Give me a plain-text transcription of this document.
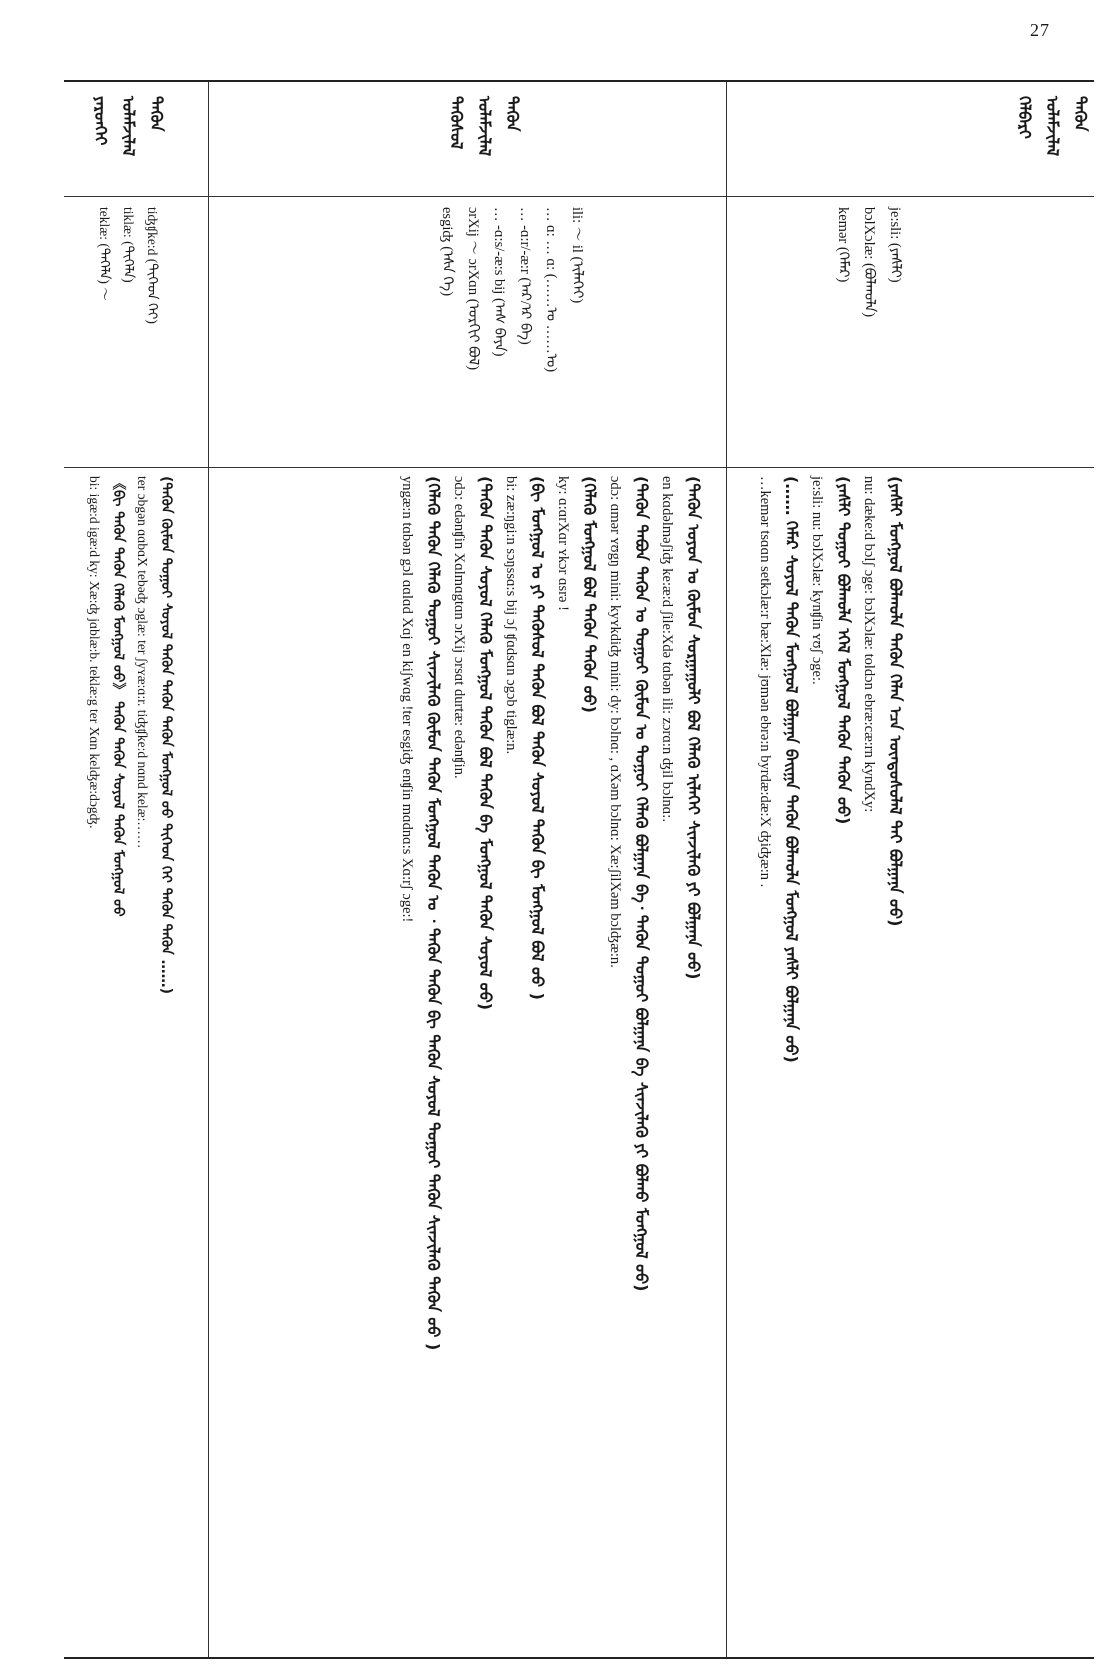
27
ᠲᠡᠭᠦᠨ
ᠤᠯᠠᠮᠵᠢᠯᠠᠯ
ᠬᠡᠯᠪᠡᠷᠢ
je:sli: (ᠶᠡᠰᠯᠢ)
bɔlXɔlæ: (ᠪᠣᠯᠬᠤᠯᠠ)
kemər (ᠬᠡᠮᠡᠷ)
(ᠶᠡᠰᠯᠢ ᠮᠣᠩᠭᠣᠯ ᠪᠣᠯᠬᠤᠯᠠ ᠲᠡᠭᠦᠨ ᠬᠡᠯᠡᠨ ᠡᠴᠡ ᠦᠨᠳᠦᠰᠦᠯᠡᠯ ᠲᠡᠢ ᠪᠣᠯᠭᠠᠨᠠ ᠤᠤ)
nu: dæke:d bɔlʃ ɔge: bɔlXɔlæ: toldɔn ebræ:cæ:rn kyndXy:
(ᠶᠡᠰᠯᠢ ᠳᠤᠭᠤᠶ ᠪᠣᠯᠬᠤᠯᠠ ᠡᠭᠡᠯ ᠮᠣᠩᠭᠣᠯ ᠲᠡᠭᠦᠨ ᠲᠡᠭᠦᠨ ᠤᠤ)
je:sli: nu: bɔlXɔlæ: kynʧin ʏʊʃ ɔge:.
(…… ᠬᠡᠮᠡᠷ ᠰᠣᠶᠣᠯ ᠲᠡᠭᠦᠨ ᠮᠣᠩᠭᠣᠯ ᠪᠣᠯᠭᠠᠨᠠ ᠪᠠᠢᠭᠠ ᠲᠡᠭᠦᠨ ᠪᠣᠯᠬᠤᠯᠠ ᠮᠣᠩᠭᠣᠯ ᠶᠡᠰᠯᠢ ᠪᠣᠯᠭᠠᠨᠠ ᠤᠤ)
…kemər tsɑɑn setkɔlæ:r bæ:Xlæ: jʊmən ebrə:n byrdæ:dæ:X ʤiʤæ:n .
ᠲᠡᠭᠦᠨ
ᠤᠯᠠᠮᠵᠢᠯᠠᠯ
ᠲᠡᠭᠦᠰᠦᠯ
ili: ～ il (ᠢᠯᠡᠬᠡᠢ)
… ɑ: … ɑ: (……ᠤ ……ᠤ)
… -ɑ:r/-æ:r (ᠠᠷ/ᠡᠷ ᠪᠠ)
… -ɑ:s/-æ:s bij (ᠠᠰ ᠪᠡᠶᠡ)
ɔrXij ～ ɔrXɑn (ᠣᠷᠬᠢᠢ ᠪᠣᠯ)
esgiʤ (ᠡᠰᠡ ᠬᠡ)
(ᠲᠡᠭᠦᠨ ᠣᠶᠤᠨ ᠤ ᠬᠦᠮᠦᠨ ᠰᠤᠷᠭᠠᠭᠤᠯᠢ ᠪᠣᠯ ᠬᠡᠯᠡᠬᠦ ᠢᠯᠡᠬᠡᠢ ᠰᠢᠨᠵᠢᠯᠡᠬᠦ ᠶᠢ ᠪᠣᠯᠭᠠᠨᠠ ᠤᠤ)
en kɑdəlməʃiʤ ke:æ:d ʃile:Xdə tɑbən ili: zɔrɑ:n ʤil bɔlnɑ:.
(ᠲᠡᠭᠦᠨ ᠲᠠᠪᠤᠨ ᠲᠡᠭᠦᠨ ᠤ ᠳᠤᠭᠤᠶ ᠬᠦᠮᠦᠨ ᠤ ᠳᠤᠭᠤᠶ ᠬᠡᠯᠡᠬᠦ ᠪᠣᠯᠭᠠᠨᠠ ᠪᠠ᠂ ᠲᠡᠭᠦᠨ ᠳᠤᠭᠤᠶ ᠪᠣᠯᠭᠠᠨᠠ ᠪᠠ ᠰᠢᠨᠵᠢᠯᠡᠬᠦ ᠶᠢ ᠪᠣᠯᠬᠤ ᠮᠣᠩᠭᠣᠯ ᠤᠤ)
ɔdɔ: ɑmər ʏʊgŋ mini: kyʏkdiʤ mini: dy: bɔlnɑ: , ɑXəm bɔlnɑ: Xæ:ʃilXəm bɔlʤæ:n.
(ᠬᠡᠯᠡᠬᠦ ᠮᠣᠩᠭᠣᠯ ᠪᠣᠯ ᠲᠡᠭᠦᠨ ᠲᠡᠭᠦᠨ ᠤᠤ)
ky: ɑ:ɑrXɑr ʏkɔr ɑsrə !
(ᠪᠢ ᠮᠣᠩᠭᠣᠯ ᠤ ᠶᠢ ᠲᠡᠭᠦᠰᠦᠯ ᠲᠡᠭᠦᠨ ᠪᠣᠯ ᠲᠡᠭᠦᠨ ᠰᠣᠶᠣᠯ ᠲᠡᠭᠦᠨ ᠪᠢ ᠮᠣᠩᠭᠣᠯ ᠪᠣᠯ ᠤᠤ )
bi: zæ:ŋgi:n sɔŋssɑ:s bij ɔʃ ʧɑdsɑn ɔgɔb tiglæ:n.
(ᠲᠡᠭᠦᠨ ᠲᠡᠭᠦᠨ ᠰᠣᠶᠣᠯ ᠬᠡᠯᠡᠬᠦ ᠮᠣᠩᠭᠣᠯ ᠲᠡᠭᠦᠨ ᠪᠣᠯ ᠲᠡᠭᠦᠨ ᠪᠠ ᠮᠣᠩᠭᠣᠯ ᠲᠡᠭᠦᠨ ᠰᠣᠶᠣᠯ ᠤᠤ)
ɔdɔ: edənʧin Xɑlmɑgtɑn ɔrXij ɔrsɑt durtæ: edənʧin.
(ᠬᠡᠯᠡᠬᠦ ᠲᠡᠭᠦᠨ ᠬᠡᠯᠡᠬᠦ ᠳᠤᠭᠤᠶ ᠰᠢᠨᠵᠢᠯᠡᠬᠦ ᠬᠦᠮᠦᠨ ᠲᠡᠭᠦᠨ ᠮᠣᠩᠭᠣᠯ ᠲᠡᠭᠦᠨ ᠤ ᠂ ᠲᠡᠭᠦᠨ ᠲᠡᠭᠦᠨ ᠪᠢ ᠲᠡᠭᠦᠨ ᠰᠣᠶᠣᠯ ᠳᠤᠭᠤᠶ ᠲᠡᠭᠦᠨ ᠰᠢᠨᠵᠢᠯᠡᠬᠦ ᠲᠡᠭᠦᠨ ᠤᠤ )
yngæ:n tɑbən gɔl ɑɑlɑd Xɑj en kiʃwɑg !ter esgiʤ enʧin mɑdnɑ:s Xɑ:rʃ ɔge:!
ᠲᠡᠭᠦᠨ
ᠤᠯᠠᠮᠵᠢᠯᠠᠯ
ᠶᠡᠷᠦᠨᠬᠡᠢ
tiʤʧke:d (ᠲᠢᠭᠡᠳ ᠬᠡᠢ)
tiklæ: (ᠲᠢᠭᠡᠯᠡ)
teklæ: (ᠲᠡᠭᠡᠯᠡ) ～
(ᠲᠡᠭᠦᠨ ᠬᠦᠮᠦᠨ ᠳᠤᠭᠤᠶ ᠰᠣᠶᠣᠯ ᠲᠡᠭᠦᠨ ᠲᠡᠭᠦᠨ ᠲᠡᠭᠦᠨ ᠮᠣᠩᠭᠣᠯ ᠤᠤ ᠲᠢᠭᠡᠳ ᠬᠡᠢ ᠲᠡᠭᠦᠨ ᠲᠡᠭᠦᠨ ……)
ter ɔbgən ɑɑbɑX tebəʤ ɔglæ: ter ʃyʏæ:ɑ:r. tiʤʧke:d nɑnd kelæ:……
《ᠪᠢ ᠲᠡᠭᠦᠨ ᠲᠡᠭᠦᠨ ᠬᠡᠯᠡᠬᠦ ᠮᠣᠩᠭᠣᠯ ᠤᠤ》 ᠲᠡᠭᠦᠨ ᠲᠡᠭᠦᠨ ᠰᠣᠶᠣᠯ ᠲᠡᠭᠦᠨ ᠮᠣᠩᠭᠣᠯ ᠤᠤ
bi: igæ:d igæ:d ky: Xæ:ʤ jɑblæ:b. teklæ:g ter Xɑn kelʤæ:dɔgʤ.
